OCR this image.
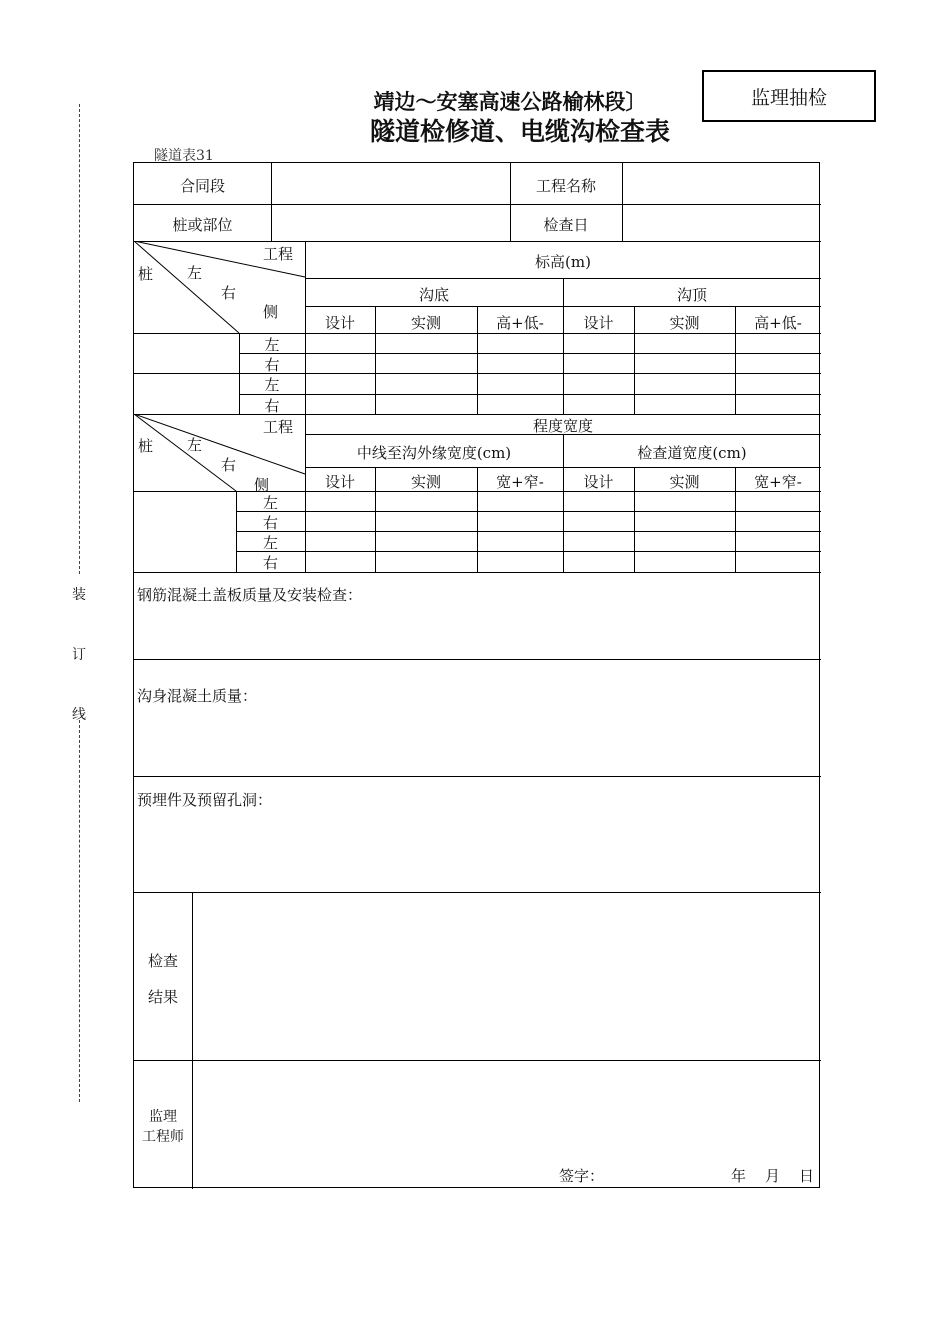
靖边～安塞高速公路榆林段〕
隧道检修道、电缆沟检查表
监理抽检
隧道表31
装
订
线
合同段	工程名称
桩或部位	检查日
工程
桩 左
右
侧
标高(m)
沟底	沟顶
设计	实测	高+低-	设计	实测	高+低-
左
右
左
右
工程
桩 左
右
侧
程度宽度
中线至沟外缘宽度(cm)	检查道宽度(cm)
设计	实测	宽+窄-	设计	实测	宽+窄-
左
右
左
右
钢筋混凝土盖板质量及安装检查：
沟身混凝土质量：
预埋件及预留孔洞：
检查
结果
监理
工程师
签字：	年 月 日
